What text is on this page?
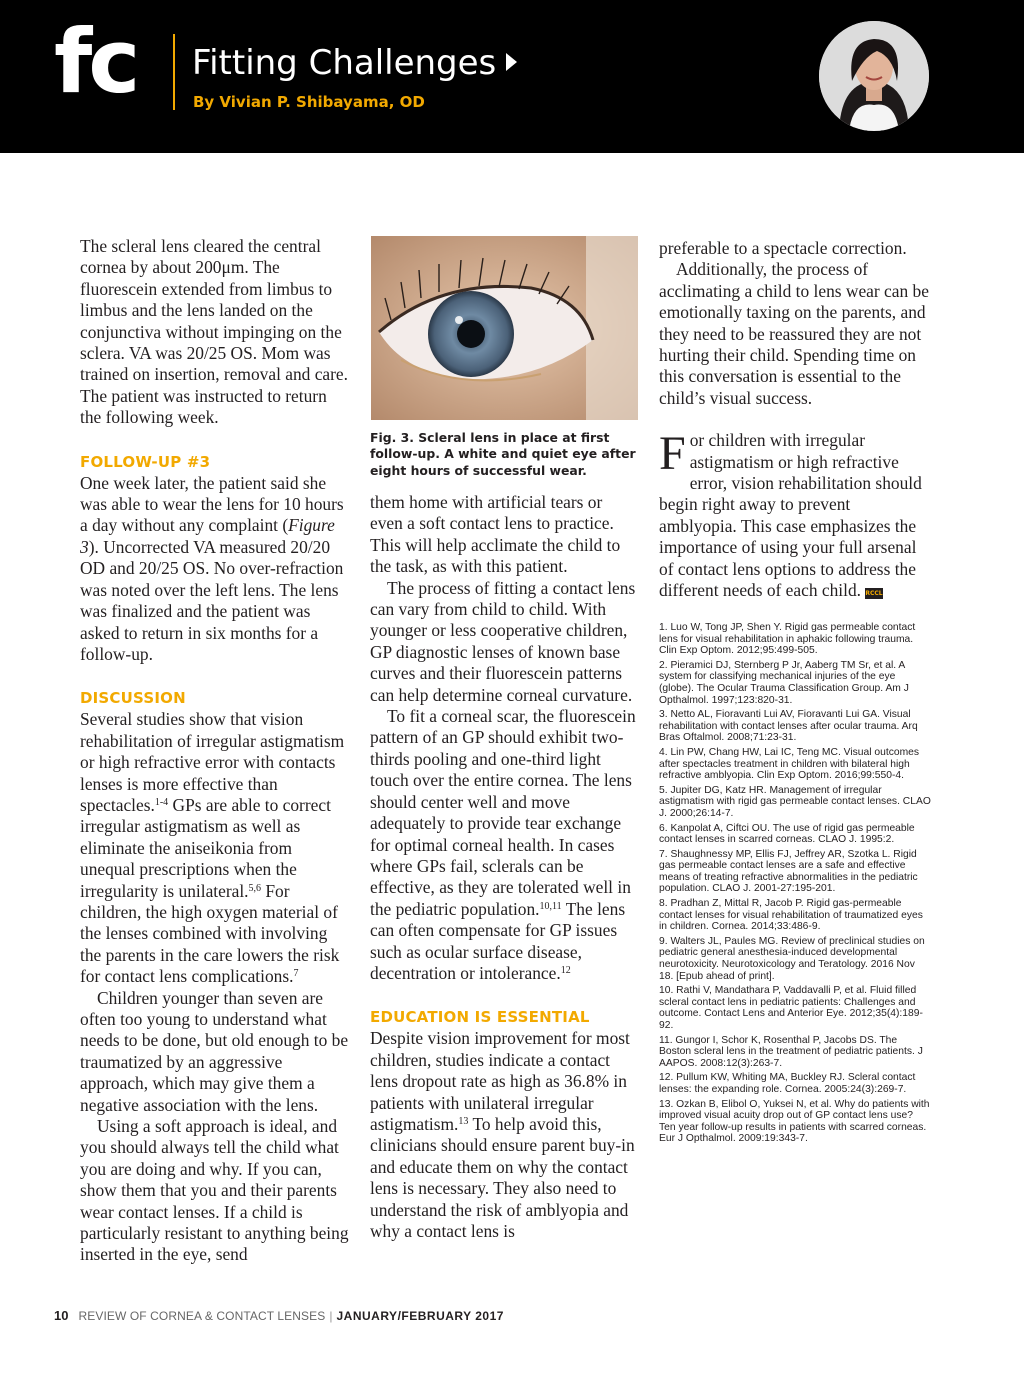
fc Fitting Challenges
By Vivian P. Shibayama, OD

The scleral lens cleared the central cornea by about 200μm. The fluorescein extended from limbus to limbus and the lens landed on the conjunctiva without impinging on the sclera. VA was 20/25 OS. Mom was trained on insertion, removal and care. The patient was instructed to return the following week.

FOLLOW-UP #3

One week later, the patient said she was able to wear the lens for 10 hours a day without any complaint (Figure 3). Uncorrected VA measured 20/20 OD and 20/25 OS. No over-refraction was noted over the left lens. The lens was finalized and the patient was asked to return in six months for a follow-up.

DISCUSSION

Several studies show that vision rehabilitation of irregular astigmatism or high refractive error with contacts lenses is more effective than spectacles.$^{1-4}$ GPs are able to correct irregular astigmatism as well as eliminate the aniseikonia from unequal prescriptions when the irregularity is unilateral.$^{5,6}$ For children, the high oxygen material of the lenses combined with involving the parents in the care lowers the risk for contact lens complications.$^7$

Children younger than seven are often too young to understand what needs to be done, but old enough to be traumatized by an aggressive approach, which may give them a negative association with the lens.

Using a soft approach is ideal, and you should always tell the child what you are doing and why. If you can, show them that you and their parents wear contact lenses. If a child is particularly resistant to anything being inserted in the eye, send

Fig. 3. Scleral lens in place at first follow-up. A white and quiet eye after eight hours of successful wear.

them home with artificial tears or even a soft contact lens to practice. This will help acclimate the child to the task, as with this patient.

The process of fitting a contact lens can vary from child to child. With younger or less cooperative children, GP diagnostic lenses of known base curves and their fluorescein patterns can help determine corneal curvature.

To fit a corneal scar, the fluorescein pattern of an GP should exhibit two-thirds pooling and one-third light touch over the entire cornea. The lens should center well and move adequately to provide tear exchange for optimal corneal health. In cases where GPs fail, sclerals can be effective, as they are tolerated well in the pediatric population.$^{10,11}$ The lens can often compensate for GP issues such as ocular surface disease, decentration or intolerance.$^{12}$

EDUCATION IS ESSENTIAL

Despite vision improvement for most children, studies indicate a contact lens dropout rate as high as 36.8% in patients with unilateral irregular astigmatism.$^{13}$ To help avoid this, clinicians should ensure parent buy-in and educate them on why the contact lens is necessary. They also need to understand the risk of amblyopia and why a contact lens is

preferable to a spectacle correction.

Additionally, the process of acclimating a child to lens wear can be emotionally taxing on the parents, and they need to be reassured they are not hurting their child. Spending time on this conversation is essential to the child’s visual success.

For children with irregular astigmatism or high refractive error, vision rehabilitation should begin right away to prevent amblyopia. This case emphasizes the importance of using your full arsenal of contact lens options to address the different needs of each child. RCCL

1. Luo W, Tong JP, Shen Y. Rigid gas permeable contact lens for visual rehabilitation in aphakic following trauma. Clin Exp Optom. 2012;95:499-505.
2. Pieramici DJ, Sternberg P Jr, Aaberg TM Sr, et al. A system for classifying mechanical injuries of the eye (globe). The Ocular Trauma Classification Group. Am J Opthalmol. 1997;123:820-31.
3. Netto AL, Fioravanti Lui AV, Fioravanti Lui GA. Visual rehabilitation with contact lenses after ocular trauma. Arq Bras Oftalmol. 2008;71:23-31.
4. Lin PW, Chang HW, Lai IC, Teng MC. Visual outcomes after spectacles treatment in children with bilateral high refractive amblyopia. Clin Exp Optom. 2016;99:550-4.
5. Jupiter DG, Katz HR. Management of irregular astigmatism with rigid gas permeable contact lenses. CLAO J. 2000;26:14-7.
6. Kanpolat A, Ciftci OU. The use of rigid gas permeable contact lenses in scarred corneas. CLAO J. 1995:2.
7. Shaughnessy MP, Ellis FJ, Jeffrey AR, Szotka L. Rigid gas permeable contact lenses are a safe and effective means of treating refractive abnormalities in the pediatric population. CLAO J. 2001-27:195-201.
8. Pradhan Z, Mittal R, Jacob P. Rigid gas-permeable contact lenses for visual rehabilitation of traumatized eyes in children. Cornea. 2014;33:486-9.
9. Walters JL, Paules MG. Review of preclinical studies on pediatric general anesthesia-induced developmental neurotoxicity. Neurotoxicology and Teratology. 2016 Nov 18. [Epub ahead of print].
10. Rathi V, Mandathara P, Vaddavalli P, et al. Fluid filled scleral contact lens in pediatric patients: Challenges and outcome. Contact Lens and Anterior Eye. 2012;35(4):189-92.
11. Gungor I, Schor K, Rosenthal P, Jacobs DS. The Boston scleral lens in the treatment of pediatric patients. J AAPOS. 2008:12(3):263-7.
12. Pullum KW, Whiting MA, Buckley RJ. Scleral contact lenses: the expanding role. Cornea. 2005:24(3):269-7.
13. Ozkan B, Elibol O, Yuksei N, et al. Why do patients with improved visual acuity drop out of GP contact lens use? Ten year follow-up results in patients with scarred corneas. Eur J Opthalmol. 2009:19:343-7.
10 REVIEW OF CORNEA & CONTACT LENSES | JANUARY/FEBRUARY 2017
